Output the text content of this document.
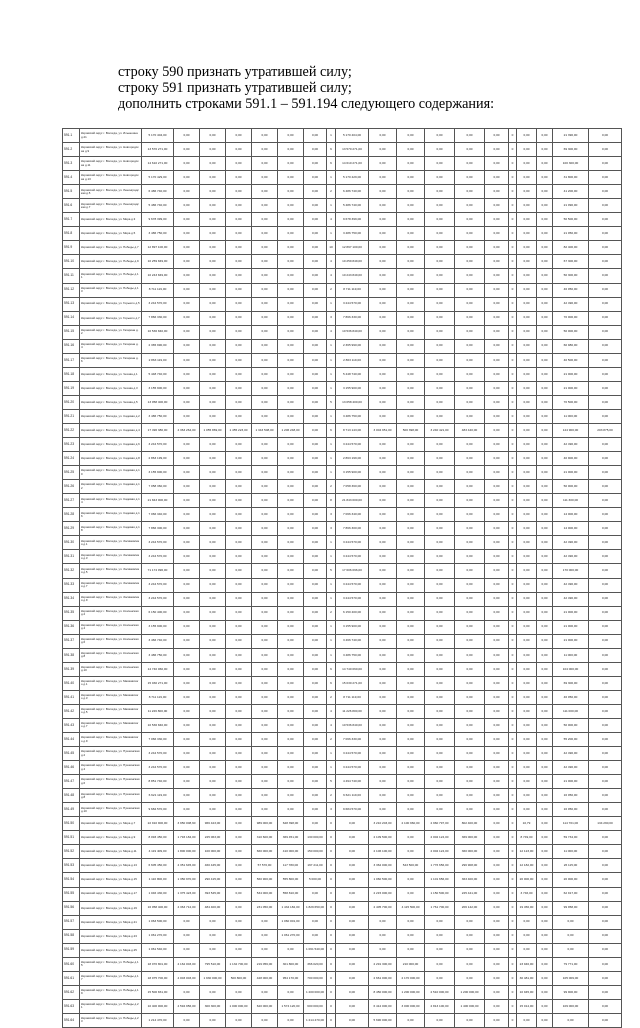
строку 590 признать утратившей силу;
строку 591 признать утратившей силу;
дополнить строками 591.1 – 591.194 следующего содержания:
591.1	Кировский округ г. Вологда, ул. Ильюшина д.21	5 170 404,00	0,00	0,00	0,00	0,00	0,00	0,00	1	5 170 404,00	0,00	0,00	0,00	0,00	0,00	0	0,00	0,00	21 390,00	0,00
591.2	Кировский округ г. Вологда, ул. Новгородская д.9	13 570 271,00	0,00	0,00	0,00	0,00	0,00	0,00	6	13 570 271,00	0,00	0,00	0,00	0,00	0,00	0	0,00	0,00	69 300,00	0,00
591.3	Кировский округ г. Вологда, ул. Новгородская д.11	14 610 271,00	0,00	0,00	0,00	0,00	0,00	0,00	6	14 610 271,00	0,00	0,00	0,00	0,00	0,00	0	0,00	0,00	100 300,00	0,00
591.4	Кировский округ г. Вологда, ул. Новгородская д.13	5 170 429,00	0,00	0,00	0,00	0,00	0,00	0,00	1	5 170 429,00	0,00	0,00	0,00	0,00	0,00	0	0,00	0,00	31 800,00	0,00
591.5	Кировский округ г. Вологда, ул. Ленинградская д.5	6 486 740,00	0,00	0,00	0,00	0,00	0,00	0,00	2	6 486 740,00	0,00	0,00	0,00	0,00	0,00	0	0,00	0,00	41 200,00	0,00
591.6	Кировский округ г. Вологда, ул. Ленинградская д.7	5 486 740,00	0,00	0,00	0,00	0,00	0,00	0,00	1	5 486 740,00	0,00	0,00	0,00	0,00	0,00	0	0,00	0,00	21 090,00	0,00
591.7	Кировский округ г. Вологда, ул. Мира д.3	9 678 399,00	0,00	0,00	0,00	0,00	0,00	0,00	4	9 678 399,00	0,00	0,00	0,00	0,00	0,00	0	0,00	0,00	50 500,00	0,00
591.8	Кировский округ г. Вологда, ул. Мира д.5	3 486 750,00	0,00	0,00	0,00	0,00	0,00	0,00	1	3 486 750,00	0,00	0,00	0,00	0,00	0,00	0	0,00	0,00	21 050,00	0,00
591.9	Кировский округ г. Вологда, ул. Победы д.7	12 897 100,00	0,00	0,00	0,00	0,00	0,00	0,00	10	12 897 100,00	0,00	0,00	0,00	0,00	0,00	0	0,00	0,00	82 400,00	0,00
591.10	Кировский округ г. Вологда, ул. Победы д.9	10 259 849,00	0,00	0,00	0,00	0,00	0,00	0,00	4	10 259 849,00	0,00	0,00	0,00	0,00	0,00	0	0,00	0,00	67 300,00	0,00
591.11	Кировский округ г. Вологда, ул. Победы д.11	10 243 849,00	0,00	0,00	0,00	0,00	0,00	0,00	4	10 243 849,00	0,00	0,00	0,00	0,00	0,00	0	0,00	0,00	50 300,00	0,00
591.12	Кировский округ г. Вологда, ул. Победы д.13	8 711 119,00	0,00	0,00	0,00	0,00	0,00	0,00	2	8 711 119,00	0,00	0,00	0,00	0,00	0,00	0	0,00	0,00	46 050,00	0,00
591.13	Кировский округ г. Вологда, ул. Горького д.5	3 244 570,00	0,00	0,00	0,00	0,00	0,00	0,00	1	3 244 570,00	0,00	0,00	0,00	0,00	0,00	0	0,00	0,00	42 490,00	0,00
591.14	Кировский округ г. Вологда, ул. Горького д.7	7 866 330,00	0,00	0,00	0,00	0,00	0,00	0,00	3	7 866 330,00	0,00	0,00	0,00	0,00	0,00	0	0,00	0,00	70 000,00	0,00
591.15	Кировский округ г. Вологда, ул. Гагарина д.2	10 536 840,00	0,00	0,00	0,00	0,00	0,00	0,00	4	10 536 840,00	0,00	0,00	0,00	0,00	0,00	0	0,00	0,00	50 000,00	0,00
591.16	Кировский округ г. Вологда, ул. Гагарина д.4	2 365 990,00	0,00	0,00	0,00	0,00	0,00	0,00	1	2 365 990,00	0,00	0,00	0,00	0,00	0,00	0	0,00	0,00	60 980,00	0,00
591.17	Кировский округ г. Вологда, ул. Гагарина д.6	2 863 119,00	0,00	0,00	0,00	0,00	0,00	0,00	1	2 863 119,00	0,00	0,00	0,00	0,00	0,00	0	0,00	0,00	40 500,00	0,00
591.18	Кировский округ г. Вологда, ул. Чехова д.1	5 448 740,00	0,00	0,00	0,00	0,00	0,00	0,00	1	5 448 740,00	0,00	0,00	0,00	0,00	0,00	0	0,00	0,00	21 000,00	0,00
591.19	Кировский округ г. Вологда, ул. Чехова д.3	3 155 900,00	0,00	0,00	0,00	0,00	0,00	0,00	1	3 155 900,00	0,00	0,00	0,00	0,00	0,00	0	0,00	0,00	21 000,00	0,00
591.20	Кировский округ г. Вологда, ул. Чехова д.5	13 058 400,00	0,00	0,00	0,00	0,00	0,00	0,00	5	13 058 400,00	0,00	0,00	0,00	0,00	0,00	0	0,00	0,00	70 500,00	0,00
591.21	Кировский округ г. Вологда, ул. Садовая д.2	3 486 750,00	0,00	0,00	0,00	0,00	0,00	0,00	1	3 486 750,00	0,00	0,00	0,00	0,00	0,00	0	0,00	0,00	11 000,00	0,00
591.22	Кировский округ г. Вологда, ул. Садовая д.4	17 496 380,00	4 363 264,00	1 055 869,00	1 455 223,00	1 343 508,00	1 206 248,00	0,00	6	8 713 143,00	3 004 951,00	500 398,00	3 240 421,00	483 440,00	0,00	0	0,00	0,00	124 900,00	203 875,00
591.23	Кировский округ г. Вологда, ул. Садовая д.6	3 244 570,00	0,00	0,00	0,00	0,00	0,00	0,00	1	3 244 570,00	0,00	0,00	0,00	0,00	0,00	0	0,00	0,00	42 490,00	0,00
591.24	Кировский округ г. Вологда, ул. Садовая д.8	2 863 199,00	0,00	0,00	0,00	0,00	0,00	0,00	1	2 863 199,00	0,00	0,00	0,00	0,00	0,00	0	0,00	0,00	40 900,00	0,00
591.25	Кировский округ г. Вологда, ул. Садовая д.10	3 155 900,00	0,00	0,00	0,00	0,00	0,00	0,00	1	3 155 900,00	0,00	0,00	0,00	0,00	0,00	0	0,00	0,00	21 000,00	0,00
591.26	Кировский округ г. Вологда, ул. Садовая д.12	7 058 360,00	0,00	0,00	0,00	0,00	0,00	0,00	2	7 058 360,00	0,00	0,00	0,00	0,00	0,00	0	0,00	0,00	50 000,00	0,00
591.27	Кировский округ г. Вологда, ул. Садовая д.14	21 843 000,00	0,00	0,00	0,00	0,00	0,00	0,00	8	21 843 000,00	0,00	0,00	0,00	0,00	0,00	0	0,00	0,00	111 300,00	0,00
591.28	Кировский округ г. Вологда, ул. Садовая д.16	7 066 340,00	0,00	0,00	0,00	0,00	0,00	0,00	3	7 066 340,00	0,00	0,00	0,00	0,00	0,00	0	0,00	0,00	14 000,00	0,00
591.29	Кировский округ г. Вологда, ул. Садовая д.18	7 866 300,00	0,00	0,00	0,00	0,00	0,00	0,00	3	7 866 300,00	0,00	0,00	0,00	0,00	0,00	0	0,00	0,00	14 000,00	0,00
591.30	Кировский округ г. Вологда, ул. Зосимовская д.1	3 244 570,00	0,00	0,00	0,00	0,00	0,00	0,00	1	3 244 570,00	0,00	0,00	0,00	0,00	0,00	0	0,00	0,00	42 490,00	0,00
591.31	Кировский округ г. Вологда, ул. Зосимовская д.3	3 244 570,00	0,00	0,00	0,00	0,00	0,00	0,00	1	3 244 570,00	0,00	0,00	0,00	0,00	0,00	0	0,00	0,00	42 490,00	0,00
591.32	Кировский округ г. Вологда, ул. Зосимовская д.5	71 174 096,00	0,00	0,00	0,00	0,00	0,00	0,00	5	17 606 096,00	0,00	0,00	0,00	0,00	0,00	0	0,00	0,00	170 000,00	0,00
591.33	Кировский округ г. Вологда, ул. Зосимовская д.7	3 244 570,00	0,00	0,00	0,00	0,00	0,00	0,00	1	3 244 570,00	0,00	0,00	0,00	0,00	0,00	0	0,00	0,00	42 490,00	0,00
591.34	Кировский округ г. Вологда, ул. Зосимовская д.9	3 244 570,00	0,00	0,00	0,00	0,00	0,00	0,00	1	3 244 570,00	0,00	0,00	0,00	0,00	0,00	0	0,00	0,00	42 490,00	0,00
591.35	Кировский округ г. Вологда, ул. Козленская д.2	6 150 400,00	0,00	0,00	0,00	0,00	0,00	0,00	2	6 150 400,00	0,00	0,00	0,00	0,00	0,00	0	0,00	0,00	21 000,00	0,00
591.36	Кировский округ г. Вологда, ул. Козленская д.4	3 155 900,00	0,00	0,00	0,00	0,00	0,00	0,00	1	3 155 900,00	0,00	0,00	0,00	0,00	0,00	0	0,00	0,00	21 000,00	0,00
591.37	Кировский округ г. Вологда, ул. Козленская д.6	3 466 740,00	0,00	0,00	0,00	0,00	0,00	0,00	1	3 466 740,00	0,00	0,00	0,00	0,00	0,00	0	0,00	0,00	21 000,00	0,00
591.38	Кировский округ г. Вологда, ул. Козленская д.8	3 486 750,00	0,00	0,00	0,00	0,00	0,00	0,00	1	3 486 750,00	0,00	0,00	0,00	0,00	0,00	0	0,00	0,00	11 000,00	0,00
591.39	Кировский округ г. Вологда, ул. Козленская д.10	14 740 060,00	0,00	0,00	0,00	0,00	0,00	0,00	6	14 740 060,00	0,00	0,00	0,00	0,00	0,00	0	0,00	0,00	104 000,00	0,00
591.40	Кировский округ г. Вологда, ул. Маяковского д.1	15 030 271,00	0,00	0,00	0,00	0,00	0,00	0,00	6	15 030 271,00	0,00	0,00	0,00	0,00	0,00	0	0,00	0,00	69 300,00	0,00
591.41	Кировский округ г. Вологда, ул. Маяковского д.3	8 711 119,00	0,00	0,00	0,00	0,00	0,00	0,00	2	8 711 119,00	0,00	0,00	0,00	0,00	0,00	0	0,00	0,00	46 050,00	0,00
591.42	Кировский округ г. Вологда, ул. Маяковского д.5	11 226 800,00	0,00	0,00	0,00	0,00	0,00	0,00	4	11 226 800,00	0,00	0,00	0,00	0,00	0,00	0	0,00	0,00	111 000,00	0,00
591.43	Кировский округ г. Вологда, ул. Маяковского д.7	10 536 840,00	0,00	0,00	0,00	0,00	0,00	0,00	4	10 536 840,00	0,00	0,00	0,00	0,00	0,00	0	0,00	0,00	50 000,00	0,00
591.44	Кировский округ г. Вологда, ул. Маяковского д.9	7 066 330,00	0,00	0,00	0,00	0,00	0,00	0,00	2	7 066 330,00	0,00	0,00	0,00	0,00	0,00	0	0,00	0,00	55 200,00	0,00
591.45	Кировский округ г. Вологда, ул. Пушкинская д.2	3 244 570,00	0,00	0,00	0,00	0,00	0,00	0,00	1	3 244 570,00	0,00	0,00	0,00	0,00	0,00	0	0,00	0,00	42 490,00	0,00
591.46	Кировский округ г. Вологда, ул. Пушкинская д.4	3 244 570,00	0,00	0,00	0,00	0,00	0,00	0,00	1	3 244 570,00	0,00	0,00	0,00	0,00	0,00	0	0,00	0,00	42 490,00	0,00
591.47	Кировский округ г. Вологда, ул. Пушкинская д.6	8 851 740,00	0,00	0,00	0,00	0,00	0,00	0,00	5	4 494 740,00	0,00	0,00	0,00	0,00	0,00	0	0,00	0,00	21 000,00	0,00
591.48	Кировский округ г. Вологда, ул. Пушкинская д.8	6 621 119,00	0,00	0,00	0,00	0,00	0,00	0,00	2	6 621 119,00	0,00	0,00	0,00	0,00	0,00	0	0,00	0,00	16 050,00	0,00
591.49	Кировский округ г. Вологда, ул. Пушкинская д.10	9 684 570,00	0,00	0,00	0,00	0,00	0,00	0,00	3	9 684 570,00	0,00	0,00	0,00	0,00	0,00	0	0,00	0,00	16 050,00	0,00
591.50	Кировский округ г. Вологда, ул. Мира д.7	22 910 900,00	3 950 008,60	966 423,00	0,00	989 000,00	628 398,00	0,00	0	0,00	3 210 203,00	2 100 960,00	2 960 797,00	802 400,00	0,00	0	10,79	0,00	114 701,00	134 290,00
591.51	Кировский округ г. Вологда, ул. Мира д.9	8 093 450,00	1 793 184,00	225 063,00	0,00	310 600,00	369 451,00	130 000,00	0	0,00	2 109 500,00	0,00	2 002 124,00	369 000,00	0,00	0	8 749,00	0,00	59 734,00	0,00
591.52	Кировский округ г. Вологда, ул. Мира д.11	4 119 409,00	1 800 000,00	100 000,00	0,00	660 000,00	410 000,00	150 000,00	0	0,00	2 106 100,00	0,00	2 002 124,00	360 000,00	0,00	0	12 123,00	0,00	11 000,00	0,00
591.53	Кировский округ г. Вологда, ул. Мира д.13	6 605 450,00	4 351 645,00	460 445,00	0,00	57 570,00	117 780,00	167 211,00	0	0,00	3 362 000,00	543 500,00	1 776 656,00	296 908,00	0,00	0	12 182,00	0,00	26 115,00	0,00
591.54	Кировский округ г. Вологда, ул. Мира д.15	1 110 800,00	1 350 970,00	290 415,00	0,00	560 900,00	555 800,00	5 000,00	0	0,00	1 060 500,00	0,00	1 101 656,00	363 400,00	0,00	0	20 000,00	0,00	20 000,00	0,00
591.55	Кировский округ г. Вологда, ул. Мира д.17	1 046 430,00	1 375 423,00	393 545,00	0,00	534 000,00	558 810,00	0,00	0	0,00	2 215 000,00	0,00	1 150 500,00	225 441,00	0,00	0	3 746,00	0,00	62 917,00	0,00
591.56	Кировский округ г. Вологда, ул. Мира д.19	16 058 400,00	4 363 712,00	484 400,00	0,00	231 050,00	1 434 182,00	1 829 650,00	0	0,00	2 405 700,00	4 115 500,00	1 761 700,00	206 142,00	0,00	0	19 456,00	0,00	99 958,00	0,00
591.57	Кировский округ г. Вологда, ул. Мира д.21	1 063 500,00	0,00	0,00	0,00	0,00	1 060 001,00	0,00	0	0,00	0,00	0,00	0,00	0,00	0,00	0	0,00	0,00	0,00	0,00
591.58	Кировский округ г. Вологда, ул. Мира д.23	1 061 270,00	0,00	0,00	0,00	0,00	1 061 270,00	0,00	0	0,00	0,00	0,00	0,00	0,00	0,00	0	0,00	0,00	0,00	0,00
591.59	Кировский округ г. Вологда, ул. Мира д.25	1 061 540,00	0,00	0,00	0,00	0,00	0,00	1 061 540,00	0	0,00	0,00	0,00	0,00	0,00	0,00	0	0,00	0,00	0,00	0,00
591.60	Кировский округ г. Вологда, ул. Победы д.15	18 070 801,00	4 162 003,00	795 510,00	1 132 700,00	219 056,00	301 800,00	366 020,00	0	0,00	2 291 300,00	210 000,00	0,00	0,00	0,00	0	23 946,00	0,00	79 771,00	0,00
591.61	Кировский округ г. Вологда, ул. Победы д.17	18 075 700,00	4 003 003,00	1 930 000,00	500 800,00	428 000,00	954 170,00	700 000,00	0	0,00	2 661 000,00	2 170 000,00	0,00	0,00	0,00	0	30 481,00	0,00	105 009,00	0,00
591.62	Кировский округ г. Вологда, ул. Победы д.19	15 500 831,00	0,00	0,00	0,00	0,00	0,00	1 200 000,00	0	0,00	8 450 000,00	1 200 000,00	2 510 000,00	1 200 000,00	0,00	0	10 945,00	0,00	99 900,00	0,00
591.63	Кировский округ г. Вологда, ул. Победы д.21	10 400 000,00	4 594 956,00	300 300,00	1 000 000,00	620 000,00	1 574 120,00	600 000,00	0	0,00	6 412 000,00	3 000 000,00	2 813 100,00	1 400 000,00	0,00	0	15 014,00	0,00	109 000,00	0,00
591.64	Кировский округ г. Вологда, ул. Победы д.23	1 214 470,00	0,00	0,00	0,00	0,00	0,00	1 214 470,00	0	0,00	5 690 000,00	0,00	0,00	0,00	0,00	0	0,00	0,00	0,00	0,00
